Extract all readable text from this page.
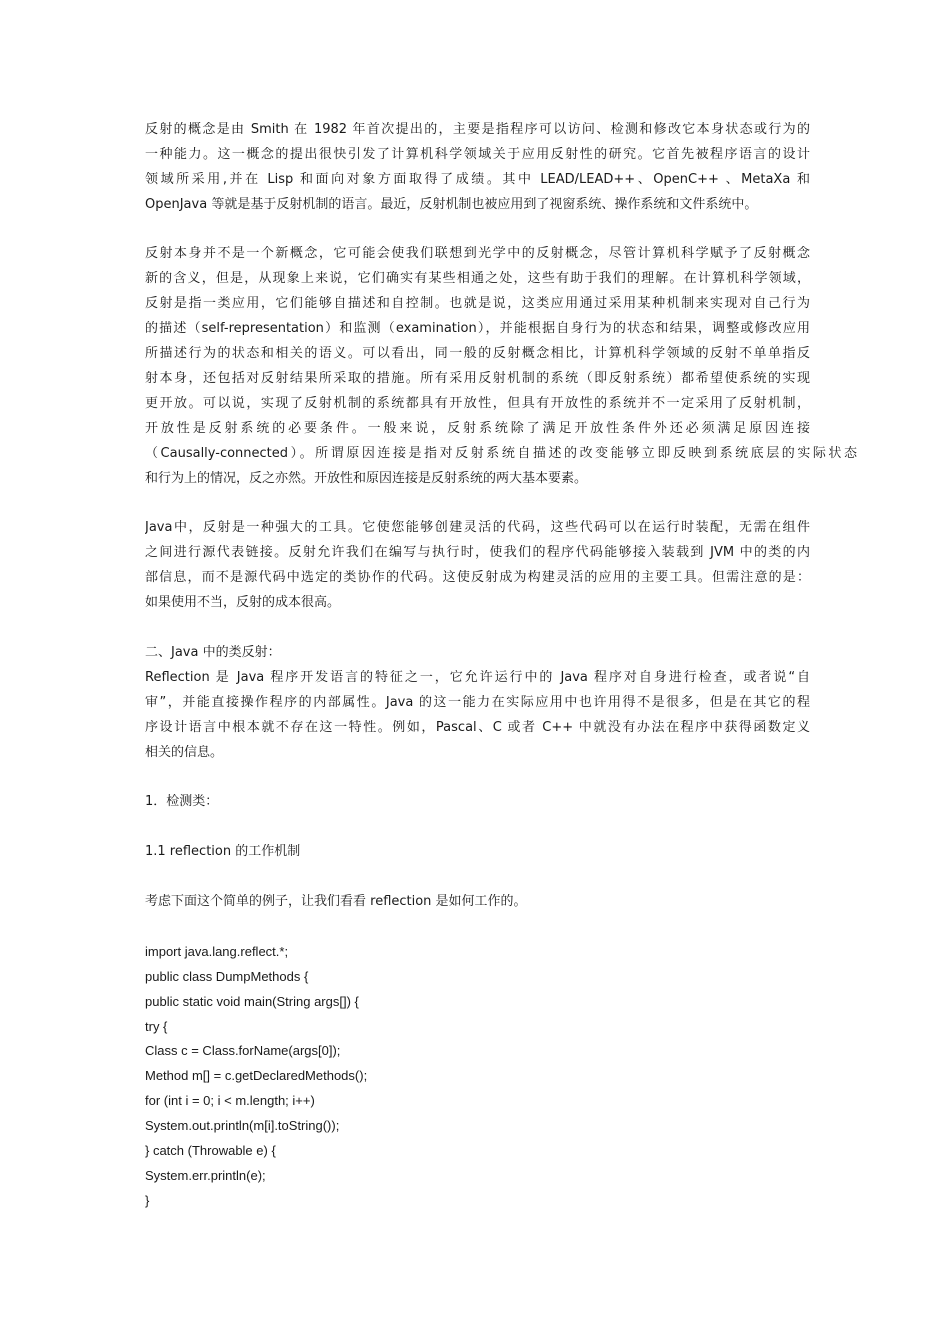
反射的概念是由 Smith 在 1982 年首次提出的，主要是指程序可以访问、检测和修改它本身状态或行为的
一种能力。这一概念的提出很快引发了计算机科学领域关于应用反射性的研究。它首先被程序语言的设计
领域所采用,并在 Lisp 和面向对象方面取得了成绩。其中 LEAD/LEAD++、OpenC++ 、MetaXa 和
OpenJava 等就是基于反射机制的语言。最近，反射机制也被应用到了视窗系统、操作系统和文件系统中。
反射本身并不是一个新概念，它可能会使我们联想到光学中的反射概念，尽管计算机科学赋予了反射概念
新的含义，但是，从现象上来说，它们确实有某些相通之处，这些有助于我们的理解。在计算机科学领域，
反射是指一类应用，它们能够自描述和自控制。也就是说，这类应用通过采用某种机制来实现对自己行为
的描述（self-representation）和监测（examination），并能根据自身行为的状态和结果，调整或修改应用
所描述行为的状态和相关的语义。可以看出，同一般的反射概念相比，计算机科学领域的反射不单单指反
射本身，还包括对反射结果所采取的措施。所有采用反射机制的系统（即反射系统）都希望使系统的实现
更开放。可以说，实现了反射机制的系统都具有开放性，但具有开放性的系统并不一定采用了反射机制，
开放性是反射系统的必要条件。一般来说，反射系统除了满足开放性条件外还必须满足原因连接
（Causally-connected）。所谓原因连接是指对反射系统自描述的改变能够立即反映到系统底层的实际状态
和行为上的情况，反之亦然。开放性和原因连接是反射系统的两大基本要素。
Java中，反射是一种强大的工具。它使您能够创建灵活的代码，这些代码可以在运行时装配，无需在组件
之间进行源代表链接。反射允许我们在编写与执行时，使我们的程序代码能够接入装载到 JVM 中的类的内
部信息，而不是源代码中选定的类协作的代码。这使反射成为构建灵活的应用的主要工具。但需注意的是：
如果使用不当，反射的成本很高。
二、Java 中的类反射：
Reflection 是 Java 程序开发语言的特征之一，它允许运行中的 Java 程序对自身进行检查，或者说“自
审”，并能直接操作程序的内部属性。Java 的这一能力在实际应用中也许用得不是很多，但是在其它的程
序设计语言中根本就不存在这一特性。例如，Pascal、C 或者 C++ 中就没有办法在程序中获得函数定义
相关的信息。
1．检测类：
1.1 reflection 的工作机制
考虑下面这个简单的例子，让我们看看 reflection 是如何工作的。
import java.lang.reflect.*;
public class DumpMethods {
public static void main(String args[]) {
try {
Class c = Class.forName(args[0]);
Method m[] = c.getDeclaredMethods();
for (int i = 0; i < m.length; i++)
System.out.println(m[i].toString());
} catch (Throwable e) {
System.err.println(e);
}
